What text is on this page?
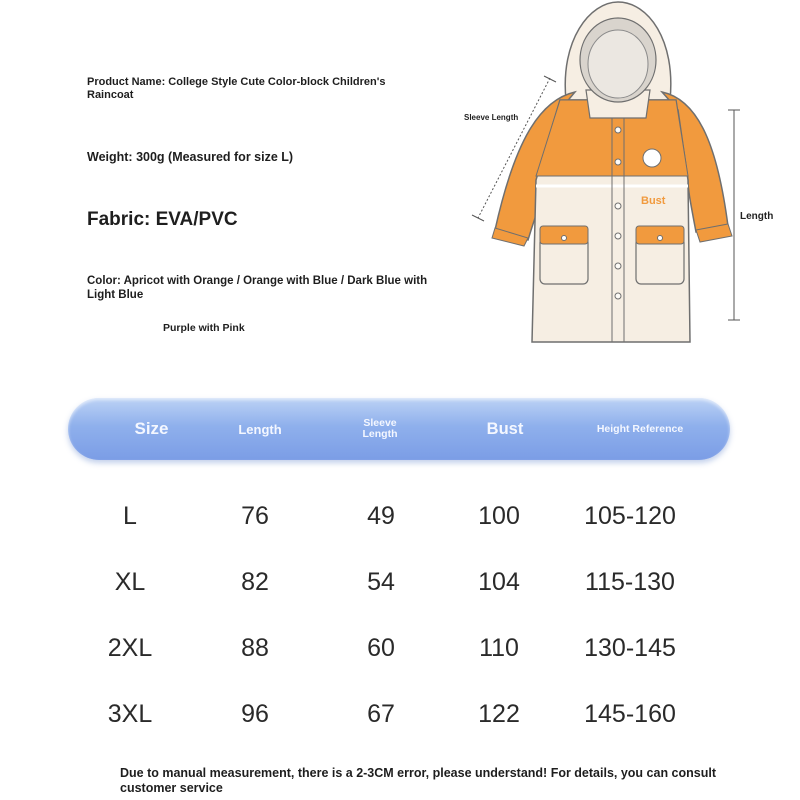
Product Name: College Style Cute Color-block Children's Raincoat
Weight: 300g (Measured for size L)
Fabric: EVA/PVC
Color: Apricot with Orange / Orange with Blue / Dark Blue with Light Blue
Purple with Pink
Sleeve Length
Length
Bust
Size	Length	Sleeve Length	Bust	Height Reference
L	76	49	100	105-120
XL	82	54	104	115-130
2XL	88	60	110	130-145
3XL	96	67	122	145-160
Due to manual measurement, there is a 2-3CM error, please understand! For details, you can consult customer service
